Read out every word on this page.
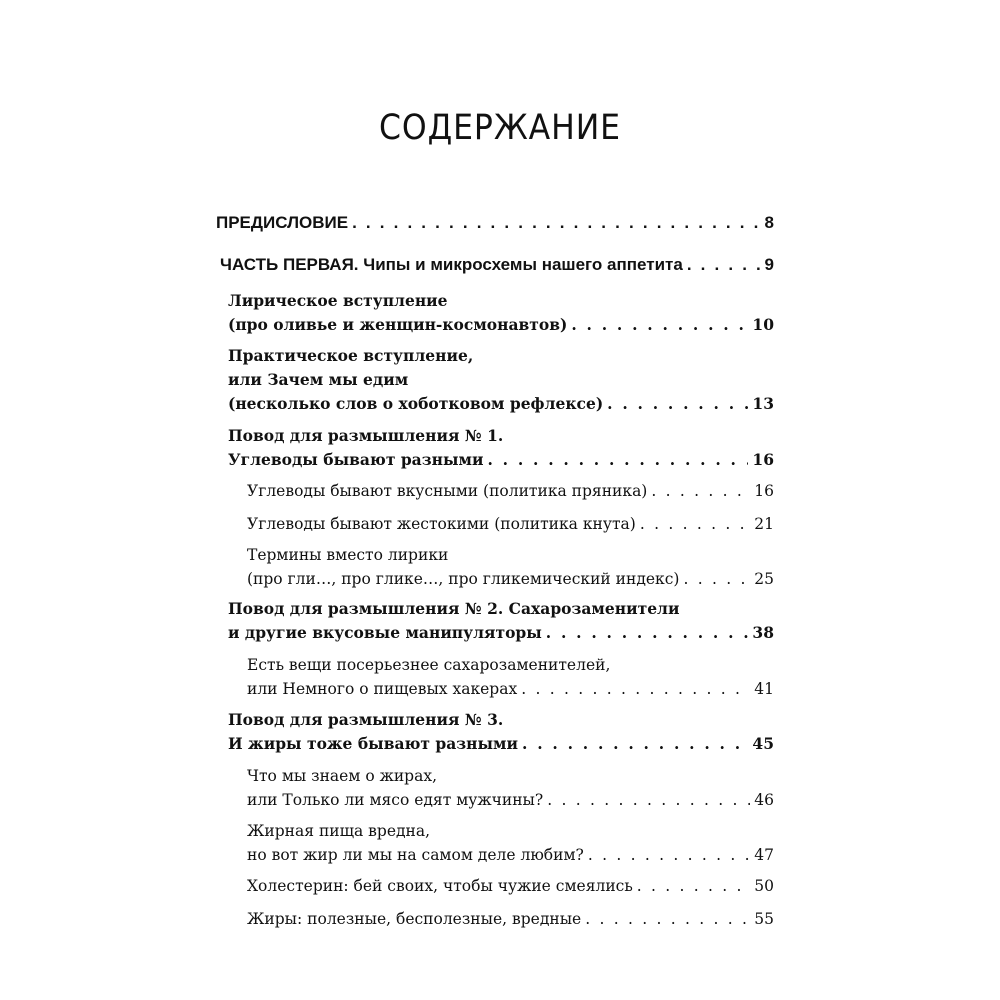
СОДЕРЖАНИЕ
ПРЕДИСЛОВИЕ . . .	8
ЧАСТЬ ПЕРВАЯ. Чипы и микросхемы нашего аппетита . . .	9
Лирическое вступление
(про оливье и женщин-космонавтов) . . .	10
Практическое вступление,
или Зачем мы едим
(несколько слов о хоботковом рефлексе) . . .	13
Повод для размышления № 1.
Углеводы бывают разными . . .	16
Углеводы бывают вкусными (политика пряника) . . .	16
Углеводы бывают жестокими (политика кнута) . . .	21
Термины вместо лирики
(про гли…, про глике…, про гликемический индекс) . . .	25
Повод для размышления № 2. Сахарозаменители
и другие вкусовые манипуляторы . . .	38
Есть вещи посерьезнее сахарозаменителей,
или Немного о пищевых хакерах . . .	41
Повод для размышления № 3.
И жиры тоже бывают разными . . .	45
Что мы знаем о жирах,
или Только ли мясо едят мужчины? . . .	46
Жирная пища вредна,
но вот жир ли мы на самом деле любим? . . .	47
Холестерин: бей своих, чтобы чужие смеялись . . .	50
Жиры: полезные, бесполезные, вредные . . .	55
